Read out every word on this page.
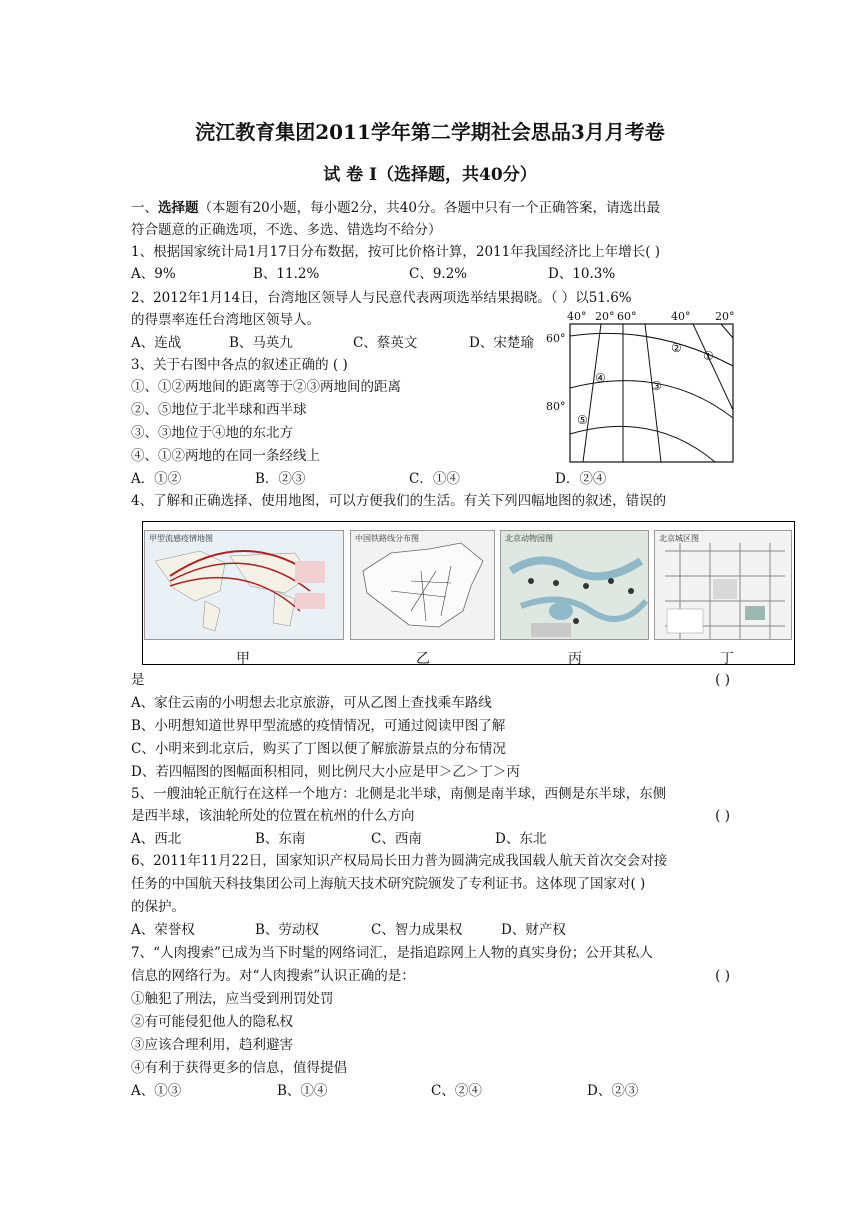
浣江教育集团2011学年第二学期社会思品3月月考卷
试 卷 Ⅰ（选择题，共40分）
一、选择题（本题有20小题，每小题2分，共40分。各题中只有一个正确答案，请选出最
符合题意的正确选项，不选、多选、错选均不给分）
1、根据国家统计局1月17日分布数据，按可比价格计算，2011年我国经济比上年增长( )
A、9%	B、11.2%	C、9.2%	D、10.3%
2、2012年1月14日，台湾地区领导人与民意代表两项选举结果揭晓。（ ）以51.6%
的得票率连任台湾地区领导人。
A、连战	B、马英九	C、蔡英文	D、宋楚瑜
3、关于右图中各点的叙述正确的 ( )
①、①②两地间的距离等于②③两地间的距离
②、⑤地位于北半球和西半球
③、③地位于④地的东北方
④、①②两地的在同一条经线上
A．①②	B．②③	C．①④	D．②④
40° 20° 60°	40° 20°
60°
80°
①
②
③
④
⑤
4、了解和正确选择、使用地图，可以方便我们的生活。有关下列四幅地图的叙述，错误的
甲型流感疫情地图	中国铁路线分布图	北京动物园图	北京城区图
甲	乙	丙	丁
是	( )
A、家住云南的小明想去北京旅游，可从乙图上查找乘车路线
B、小明想知道世界甲型流感的疫情情况，可通过阅读甲图了解
C、小明来到北京后，购买了丁图以便了解旅游景点的分布情况
D、若四幅图的图幅面积相同，则比例尺大小应是甲＞乙＞丁＞丙
5、一艘油轮正航行在这样一个地方：北侧是北半球，南侧是南半球，西侧是东半球，东侧
是西半球，该油轮所处的位置在杭州的什么方向	( )
A、西北	B、东南	C、西南	D、东北
6、2011年11月22日，国家知识产权局局长田力普为圆满完成我国载人航天首次交会对接
任务的中国航天科技集团公司上海航天技术研究院颁发了专利证书。这体现了国家对( )
的保护。
A、荣誉权	B、劳动权	C、智力成果权	D、财产权
7、“人肉搜索”已成为当下时髦的网络词汇，是指追踪网上人物的真实身份；公开其私人
信息的网络行为。对“人肉搜索”认识正确的是：	( )
①触犯了刑法，应当受到刑罚处罚
②有可能侵犯他人的隐私权
③应该合理利用，趋利避害
④有利于获得更多的信息，值得提倡
A、①③	B、①④	C、②④	D、②③
